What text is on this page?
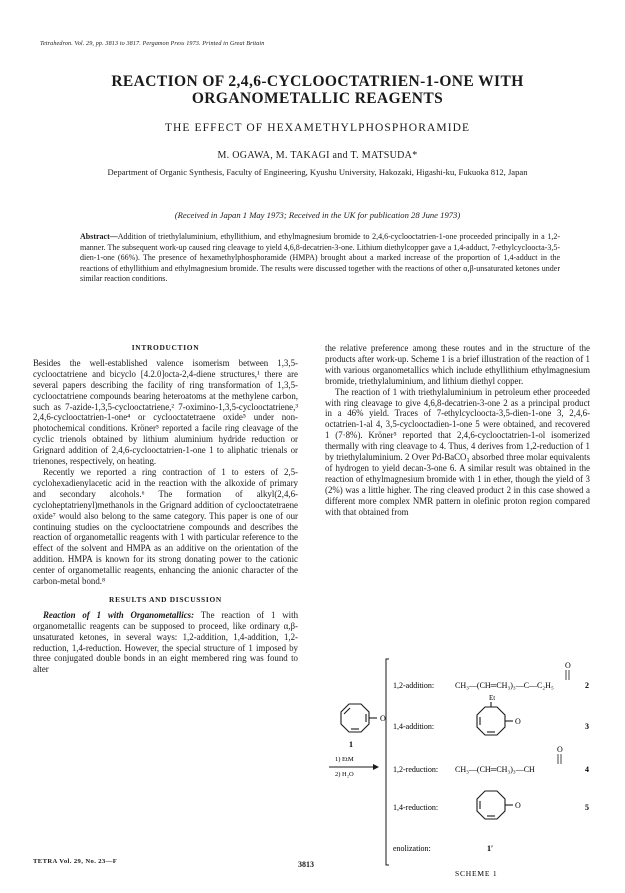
Tetrahedron. Vol. 29, pp. 3813 to 3817. Pergamon Press 1973. Printed in Great Britain
REACTION OF 2,4,6-CYCLOOCTATRIEN-1-ONE WITH
ORGANOMETALLIC REAGENTS
THE EFFECT OF HEXAMETHYLPHOSPHORAMIDE
M. OGAWA, M. TAKAGI and T. MATSUDA*
Department of Organic Synthesis, Faculty of Engineering, Kyushu University, Hakozaki, Higashi-ku, Fukuoka 812, Japan
(Received in Japan 1 May 1973; Received in the UK for publication 28 June 1973)
Abstract—Addition of triethylaluminium, ethyllithium, and ethylmagnesium bromide to 2,4,6-cyclooctatrien-1-one proceeded principally in a 1,2-manner. The subsequent work-up caused ring cleavage to yield 4,6,8-decatrien-3-one. Lithium diethylcopper gave a 1,4-adduct, 7-ethylcycloocta-3,5-dien-1-one (66%). The presence of hexamethylphosphoramide (HMPA) brought about a marked increase of the proportion of 1,4-adduct in the reactions of ethyllithium and ethylmagnesium bromide. The results were discussed together with the reactions of other α,β-unsaturated ketones under similar reaction conditions.
INTRODUCTION

Besides the well-established valence isomerism between 1,3,5-cyclooctatriene and bicyclo [4.2.0]octa-2,4-diene structures,¹ there are several papers describing the facility of ring transformation of 1,3,5-cyclooctatriene compounds bearing heteroatoms at the methylene carbon, such as 7-azide-1,3,5-cyclooctatriene,² 7-oximino-1,3,5-cyclooctatriene,³ 2,4,6-cyclooctatrien-1-one⁴ or cyclooctatetraene oxide⁵ under non-photochemical conditions. Kröner⁵ reported a facile ring cleavage of the cyclic trienols obtained by lithium aluminium hydride reduction or Grignard addition of 2,4,6-cyclooctatrien-1-one 1 to aliphatic trienals or trienones, respectively, on heating.

Recently we reported a ring contraction of 1 to esters of 2,5-cyclohexadienylacetic acid in the reaction with the alkoxide of primary and secondary alcohols.⁶ The formation of alkyl(2,4,6-cycloheptatrienyl)methanols in the Grignard addition of cyclooctatetraene oxide⁷ would also belong to the same category. This paper is one of our continuing studies on the cyclooctatriene compounds and describes the reaction of organometallic reagents with 1 with particular reference to the effect of the solvent and HMPA as an additive on the orientation of the addition. HMPA is known for its strong donating power to the cationic center of organometallic reagents, enhancing the anionic character of the carbon-metal bond.⁸

RESULTS AND DISCUSSION

Reaction of 1 with Organometallics: The reaction of 1 with organometallic reagents can be supposed to proceed, like ordinary α,β-unsaturated ketones, in several ways: 1,2-addition, 1,4-addition, 1,2-reduction, 1,4-reduction. However, the special structure of 1 imposed by three conjugated double bonds in an eight membered ring was found to alter

the relative preference among these routes and in the structure of the products after work-up. Scheme 1 is a brief illustration of the reaction of 1 with various organometallics which include ethyllithium ethylmagnesium bromide, triethylaluminium, and lithium diethyl copper.

The reaction of 1 with triethylaluminium in petroleum ether proceeded with ring cleavage to give 4,6,8-decatrien-3-one 2 as a principal product in a 46% yield. Traces of 7-ethylcycloocta-3,5-dien-1-one 3, 2,4,6-octatrien-1-al 4, 3,5-cyclooctadien-1-one 5 were obtained, and recovered 1 (7·8%). Kröner⁵ reported that 2,4,6-cyclooctatrien-1-ol isomerized thermally with ring cleavage to 4. Thus, 4 derives from 1,2-reduction of 1 by triethylaluminium. 2 Over Pd-BaCO₃ absorbed three molar equivalents of hydrogen to yield decan-3-one 6. A similar result was obtained in the reaction of ethylmagnesium bromide with 1 in ether, though the yield of 3 (2%) was a little higher. The ring cleaved product 2 in this case showed a different more complex NMR pattern in olefinic proton region compared with that obtained from

O
1
1) EtM
2) H₂O
1,2-addition:	CH₃—(CH═CH₃)₃—C—C₂H₅
O
2
1,4-addition:
Et
O
3
1,2-reduction: CH₃—(CH═CH₃)₃—CH
O
4
1,4-reduction:	O	5
enolization:	1′
SCHEME 1
TETRA Vol. 29, No. 23—F	3813
